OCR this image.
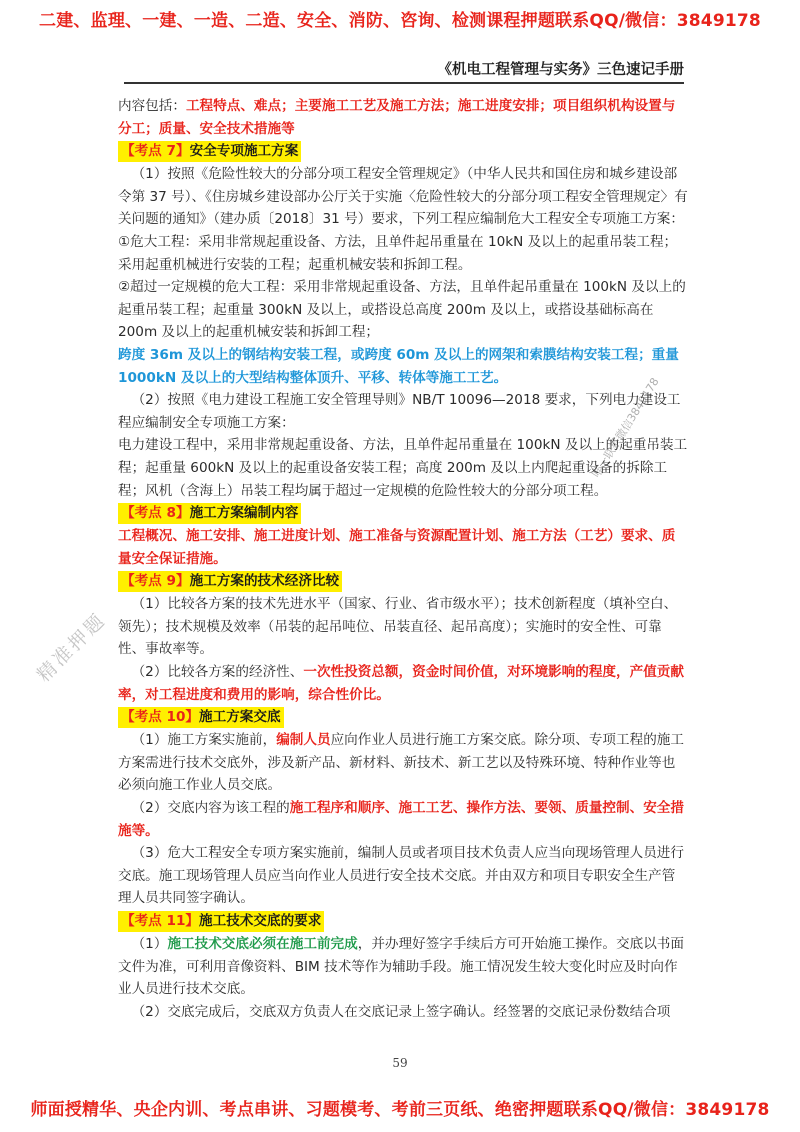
二建、监理、一建、一造、二造、安全、消防、咨询、检测课程押题联系QQ/微信：3849178
《机电工程管理与实务》三色速记手册

内容包括：工程特点、难点；主要施工工艺及施工方法；施工进度安排；项目组织机构设置与分工；质量、安全技术措施等

【考点 7】安全专项施工方案

（1）按照《危险性较大的分部分项工程安全管理规定》（中华人民共和国住房和城乡建设部令第 37 号）、《住房城乡建设部办公厅关于实施〈危险性较大的分部分项工程安全管理规定〉有关问题的通知》（建办质〔2018〕31 号）要求，下列工程应编制危大工程安全专项施工方案：

①危大工程：采用非常规起重设备、方法，且单件起吊重量在 10kN 及以上的起重吊装工程；采用起重机械进行安装的工程；起重机械安装和拆卸工程。

②超过一定规模的危大工程：采用非常规起重设备、方法，且单件起吊重量在 100kN 及以上的起重吊装工程；起重量 300kN 及以上，或搭设总高度 200m 及以上，或搭设基础标高在 200m 及以上的起重机械安装和拆卸工程；

跨度 36m 及以上的钢结构安装工程，或跨度 60m 及以上的网架和索膜结构安装工程；重量 1000kN 及以上的大型结构整体顶升、平移、转体等施工工艺。

（2）按照《电力建设工程施工安全管理导则》NB/T 10096—2018 要求，下列电力建设工程应编制安全专项施工方案：

电力建设工程中，采用非常规起重设备、方法，且单件起吊重量在 100kN 及以上的起重吊装工程；起重量 600kN 及以上的起重设备安装工程；高度 200m 及以上内爬起重设备的拆除工程；风机（含海上）吊装工程均属于超过一定规模的危险性较大的分部分项工程。

【考点 8】施工方案编制内容

工程概况、施工安排、施工进度计划、施工准备与资源配置计划、施工方法（工艺）要求、质量安全保证措施。

【考点 9】施工方案的技术经济比较

（1）比较各方案的技术先进水平（国家、行业、省市级水平）；技术创新程度（填补空白、领先）；技术规模及效率（吊装的起吊吨位、吊装直径、起吊高度）；实施时的安全性、可靠性、事故率等。

（2）比较各方案的经济性、一次性投资总额，资金时间价值，对环境影响的程度，产值贡献率，对工程进度和费用的影响，综合性价比。

【考点 10】施工方案交底

（1）施工方案实施前，编制人员应向作业人员进行施工方案交底。除分项、专项工程的施工方案需进行技术交底外，涉及新产品、新材料、新技术、新工艺以及特殊环境、特种作业等也必须向施工作业人员交底。

（2）交底内容为该工程的施工程序和顺序、施工工艺、操作方法、要领、质量控制、安全措施等。

（3）危大工程安全专项方案实施前，编制人员或者项目技术负责人应当向现场管理人员进行交底。施工现场管理人员应当向作业人员进行安全技术交底。并由双方和项目专职安全生产管理人员共同签字确认。

【考点 11】施工技术交底的要求

（1）施工技术交底必须在施工前完成，并办理好签字手续后方可开始施工操作。交底以书面文件为准，可利用音像资料、BIM 技术等作为辅助手段。施工情况发生较大变化时应及时向作业人员进行技术交底。

（2）交底完成后，交底双方负责人在交底记录上签字确认。经签署的交底记录份数结合项

精准押题
唯一联系微信3849178
59
师面授精华、央企内训、考点串讲、习题模考、考前三页纸、绝密押题联系QQ/微信：3849178
